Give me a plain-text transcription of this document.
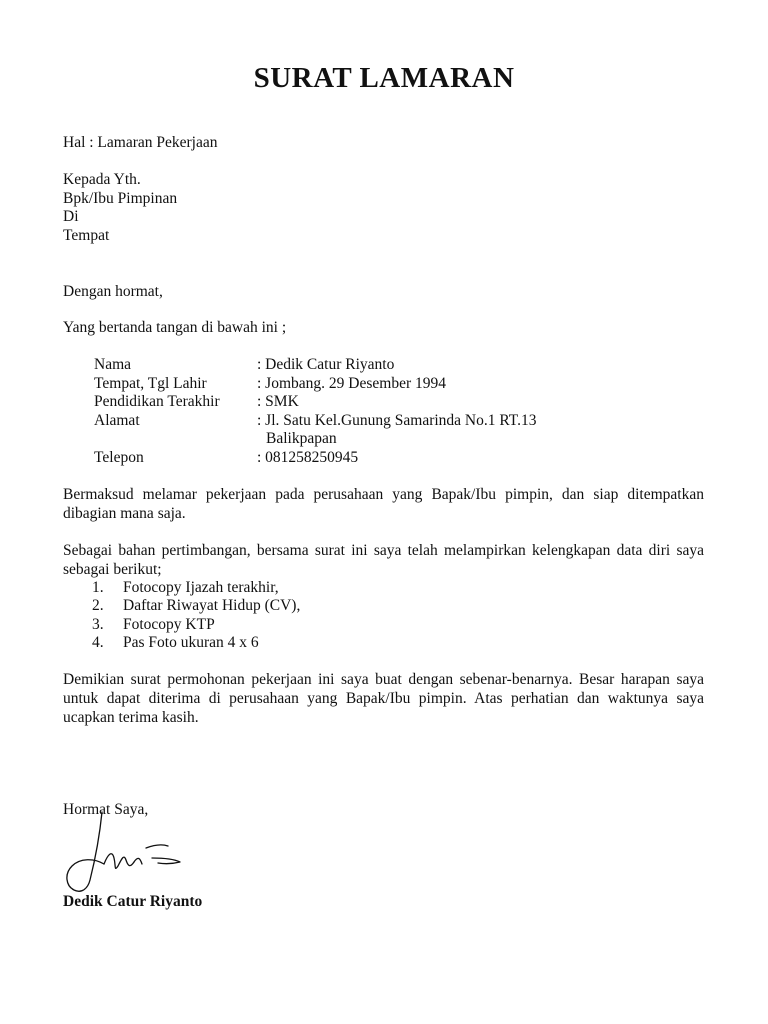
SURAT LAMARAN
Hal : Lamaran Pekerjaan
Kepada Yth.
Bpk/Ibu Pimpinan
Di
Tempat
Dengan hormat,
Yang bertanda tangan di bawah ini ;
Nama	: Dedik Catur Riyanto
Tempat, Tgl Lahir	: Jombang. 29 Desember 1994
Pendidikan Terakhir : SMK
Alamat	: Jl. Satu Kel.Gunung Samarinda No.1 RT.13
Balikpapan
Telepon	: 081258250945
Bermaksud melamar pekerjaan pada perusahaan yang Bapak/Ibu pimpin, dan siap ditempatkan dibagian mana saja.
Sebagai bahan pertimbangan, bersama surat ini saya telah melampirkan kelengkapan data diri saya sebagai berikut;
1. Fotocopy Ijazah terakhir,
2. Daftar Riwayat Hidup (CV),
3. Fotocopy KTP
4. Pas Foto ukuran 4 x 6
Demikian surat permohonan pekerjaan ini saya buat dengan sebenar-benarnya. Besar harapan saya untuk dapat diterima di perusahaan yang Bapak/Ibu pimpin. Atas perhatian dan waktunya saya ucapkan terima kasih.
Hormat Saya,
Dedik Catur Riyanto
